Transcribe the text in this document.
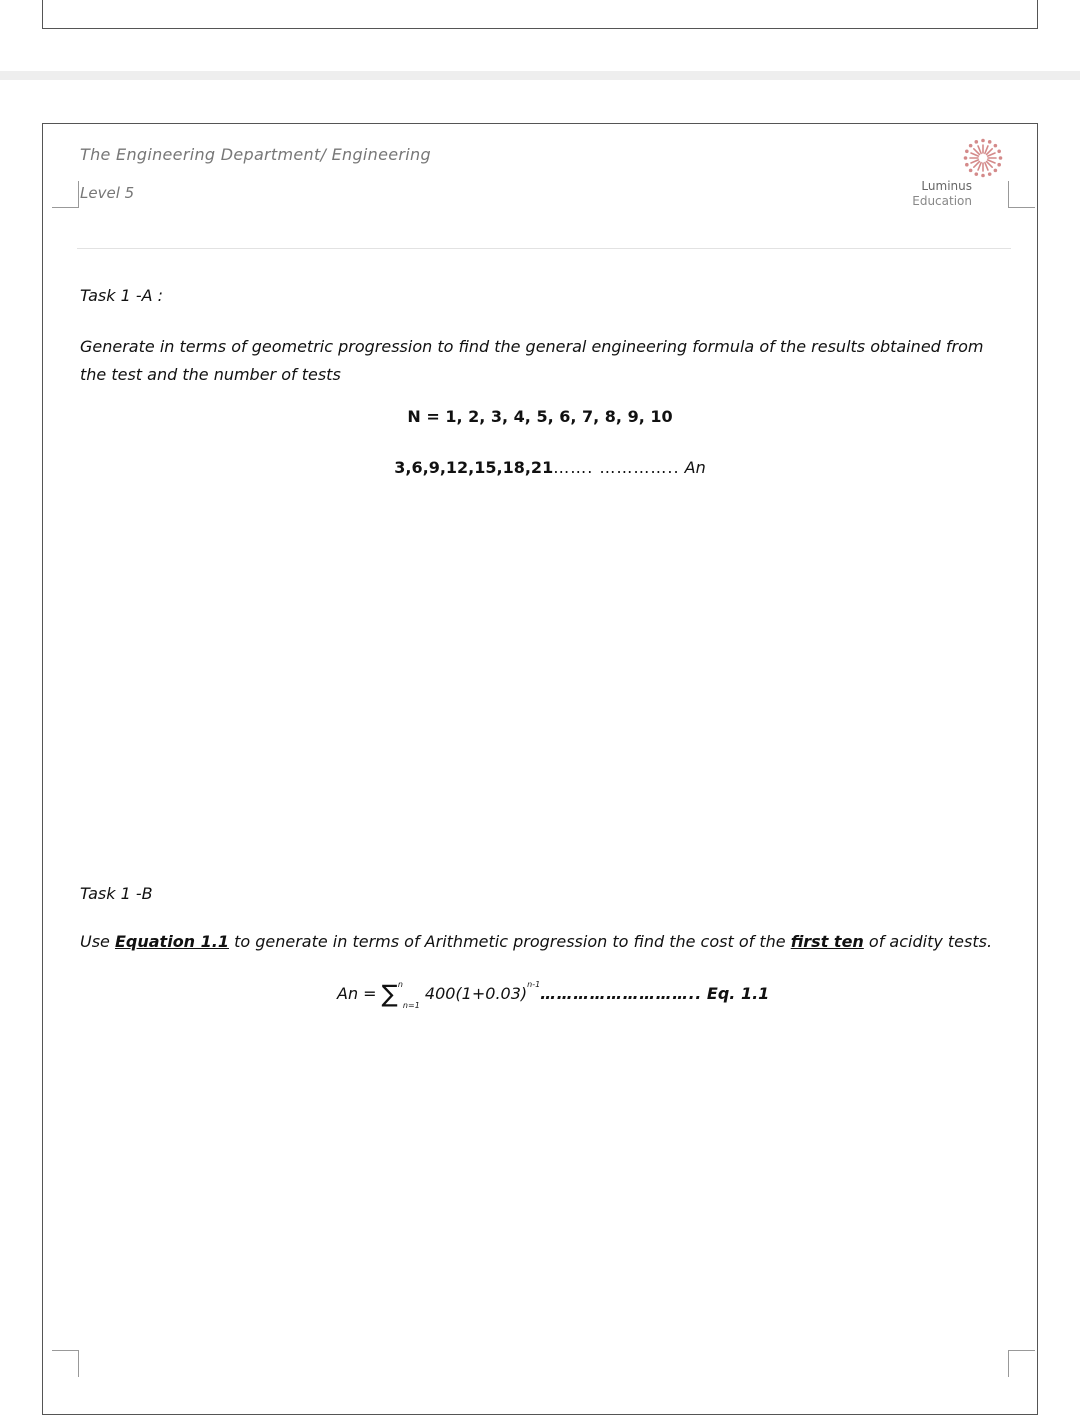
The Engineering Department/ Engineering
Level 5	Luminus
Education
Task 1 -A :
Generate in terms of geometric progression to find the general engineering formula of the results obtained from the test and the number of tests
N = 1, 2, 3, 4, 5, 6, 7, 8, 9, 10
3,6,9,12,15,18,21……. ………….. An
Task 1 -B
Use Equation 1.1 to generate in terms of Arithmetic progression to find the cost of the first ten of acidity tests.
An = ∑$^n_{n=1}$ $400(1+0.03)^{n-1}\dots\dots\dots\dots\dots\dots\dots\dots\dots$.. Eq. 1.1
